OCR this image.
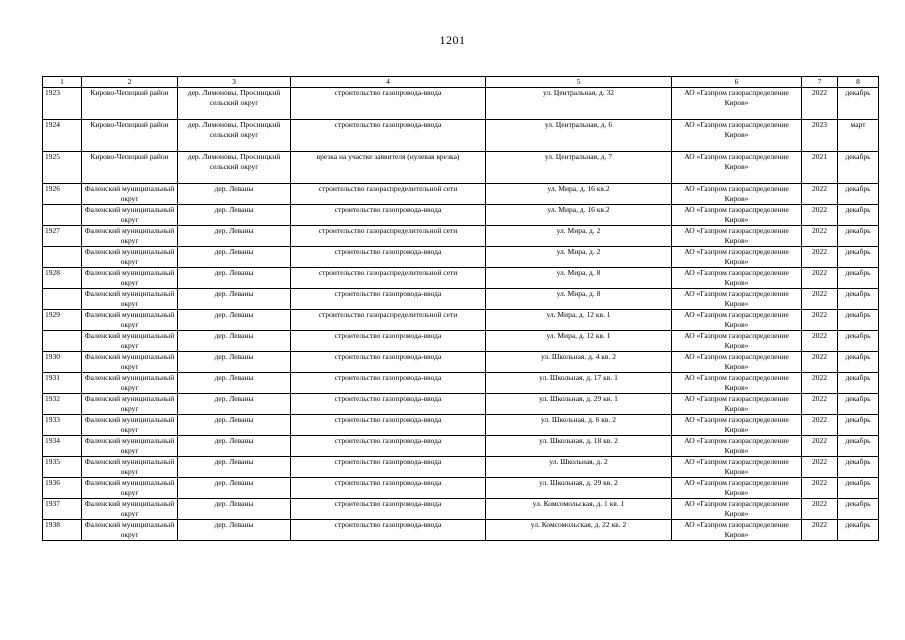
1201
1	2	3	4	5	6	7	8
1923	Кирово-Чепецкий район	дер. Лимоновы, Просницкий сельский округ	строительство газопровода-ввода	ул. Центральная, д. 32	АО «Газпром газораспределение Киров»	2022	декабрь
1924	Кирово-Чепецкий район	дер. Лимоновы, Просницкий сельский округ	строительство газопровода-ввода	ул. Центральная, д. 6	АО «Газпром газораспределение Киров»	2023	март
1925	Кирово-Чепецкий район	дер. Лимоновы, Просницкий сельский округ	врезка на участке заявителя (нулевая врезка)	ул. Центральная, д. 7	АО «Газпром газораспределение Киров»	2021	декабрь
1926	Фаленский муниципальный округ	дер. Леваны	строительство газораспределительной сети	ул. Мира, д. 16 кв.2	АО «Газпром газораспределение Киров»	2022	декабрь
	Фаленский муниципальный округ	дер. Леваны	строительство газопровода-ввода	ул. Мира, д. 16 кв.2	АО «Газпром газораспределение Киров»	2022	декабрь
1927	Фаленский муниципальный округ	дер. Леваны	строительство газораспределительной сети	ул. Мира, д. 2	АО «Газпром газораспределение Киров»	2022	декабрь
	Фаленский муниципальный округ	дер. Леваны	строительство газопровода-ввода	ул. Мира, д. 2	АО «Газпром газораспределение Киров»	2022	декабрь
1928	Фаленский муниципальный округ	дер. Леваны	строительство газораспределительной сети	ул. Мира, д. 8	АО «Газпром газораспределение Киров»	2022	декабрь
	Фаленский муниципальный округ	дер. Леваны	строительство газопровода-ввода	ул. Мира, д. 8	АО «Газпром газораспределение Киров»	2022	декабрь
1929	Фаленский муниципальный округ	дер. Леваны	строительство газораспределительной сети	ул. Мира, д. 12 кв. 1	АО «Газпром газораспределение Киров»	2022	декабрь
	Фаленский муниципальный округ	дер. Леваны	строительство газопровода-ввода	ул. Мира, д. 12 кв. 1	АО «Газпром газораспределение Киров»	2022	декабрь
1930	Фаленский муниципальный округ	дер. Леваны	строительство газопровода-ввода	ул. Школьная, д. 4 кв. 2	АО «Газпром газораспределение Киров»	2022	декабрь
1931	Фаленский муниципальный округ	дер. Леваны	строительство газопровода-ввода	ул. Школьная, д. 17 кв. 1	АО «Газпром газораспределение Киров»	2022	декабрь
1932	Фаленский муниципальный округ	дер. Леваны	строительство газопровода-ввода	ул. Школьная, д. 29 кв. 1	АО «Газпром газораспределение Киров»	2022	декабрь
1933	Фаленский муниципальный округ	дер. Леваны	строительство газопровода-ввода	ул. Школьная, д. 6 кв. 2	АО «Газпром газораспределение Киров»	2022	декабрь
1934	Фаленский муниципальный округ	дер. Леваны	строительство газопровода-ввода	ул. Школьная, д. 18 кв. 2	АО «Газпром газораспределение Киров»	2022	декабрь
1935	Фаленский муниципальный округ	дер. Леваны	строительство газопровода-ввода	ул. Школьная, д. 2	АО «Газпром газораспределение Киров»	2022	декабрь
1936	Фаленский муниципальный округ	дер. Леваны	строительство газопровода-ввода	ул. Школьная, д. 29 кв. 2	АО «Газпром газораспределение Киров»	2022	декабрь
1937	Фаленский муниципальный округ	дер. Леваны	строительство газопровода-ввода	ул. Комсомольская, д. 1 кв. 1	АО «Газпром газораспределение Киров»	2022	декабрь
1938	Фаленский муниципальный округ	дер. Леваны	строительство газопровода-ввода	ул. Комсомольская, д. 22 кв. 2	АО «Газпром газораспределение Киров»	2022	декабрь
